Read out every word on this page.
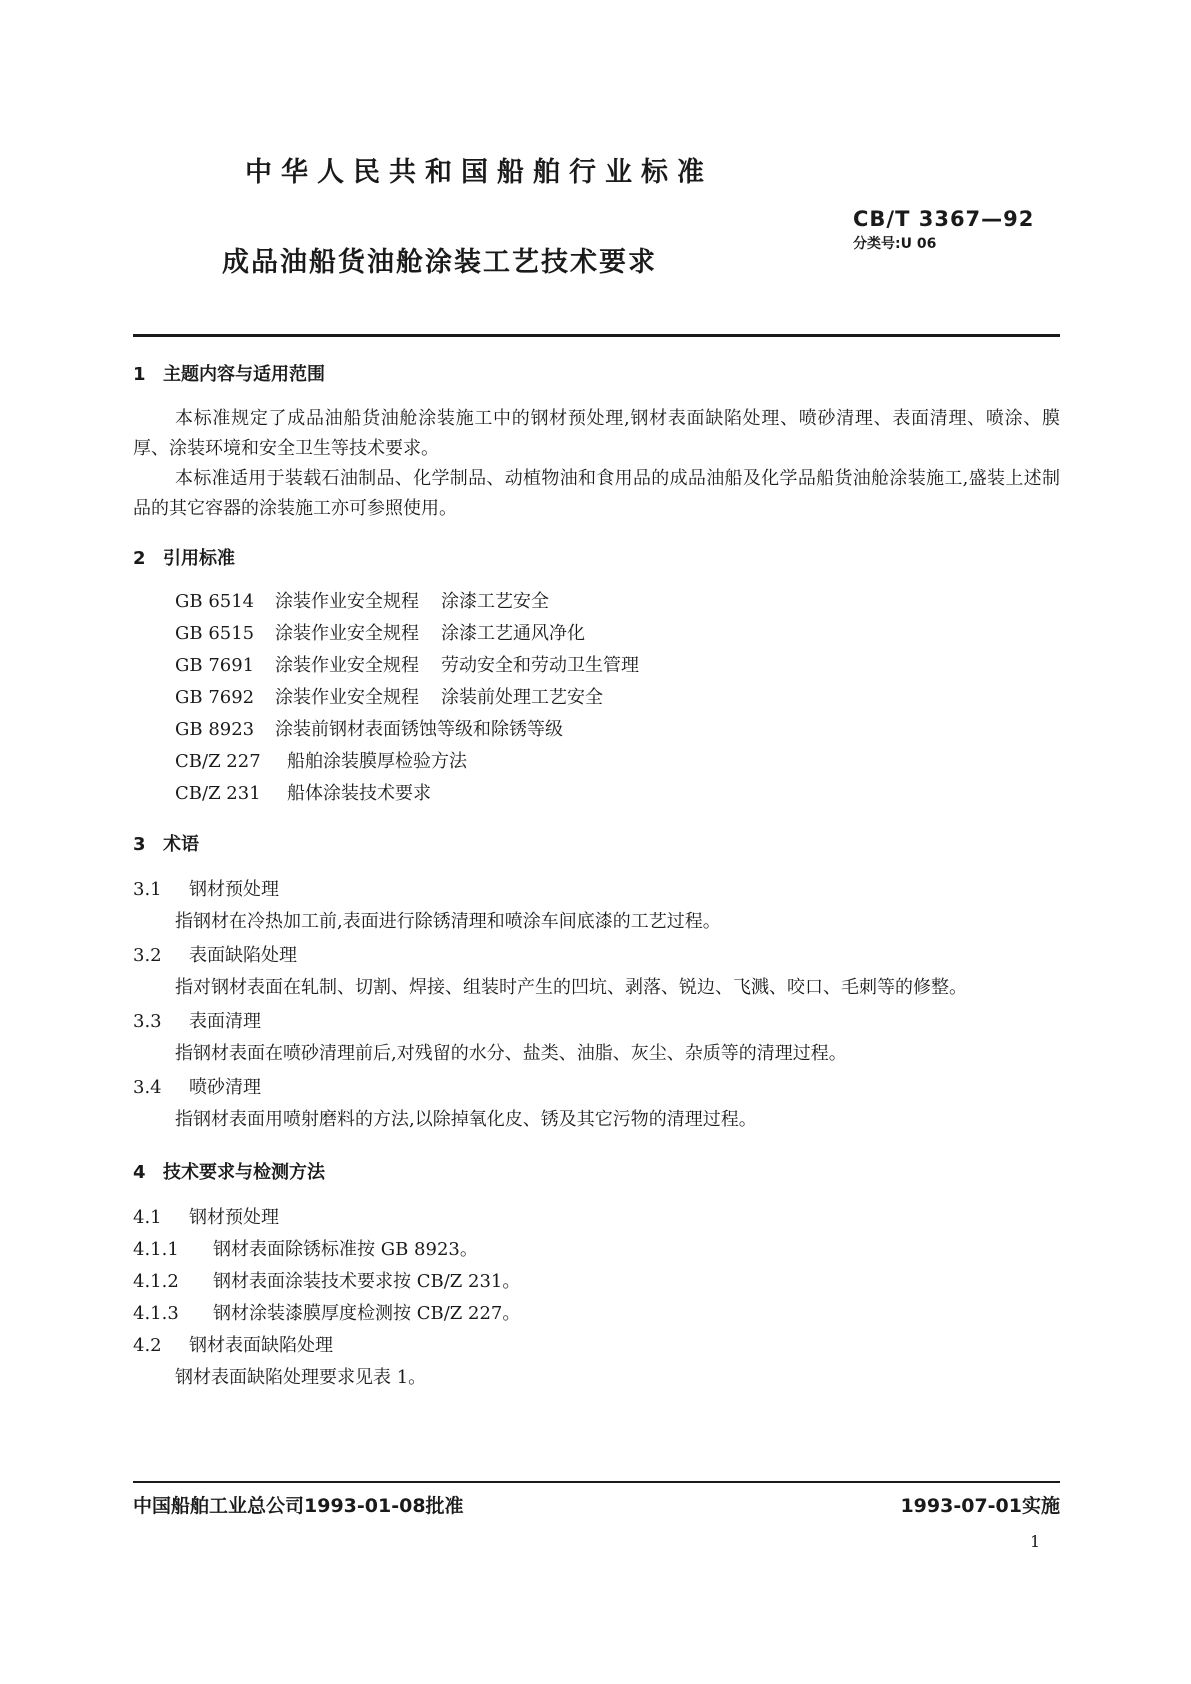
中华人民共和国船舶行业标准
CB/T 3367—92
分类号:U 06
成品油船货油舱涂装工艺技术要求
1 主题内容与适用范围

本标准规定了成品油船货油舱涂装施工中的钢材预处理,钢材表面缺陷处理、喷砂清理、表面清理、喷涂、膜厚、涂装环境和安全卫生等技术要求。

本标准适用于装载石油制品、化学制品、动植物油和食用品的成品油船及化学品船货油舱涂装施工,盛装上述制品的其它容器的涂装施工亦可参照使用。

2 引用标准
GB 6514 涂装作业安全规程 涂漆工艺安全
GB 6515 涂装作业安全规程 涂漆工艺通风净化
GB 7691 涂装作业安全规程 劳动安全和劳动卫生管理
GB 7692 涂装作业安全规程 涂装前处理工艺安全
GB 8923 涂装前钢材表面锈蚀等级和除锈等级
CB/Z 227 船舶涂装膜厚检验方法
CB/Z 231 船体涂装技术要求
3 术语

3.1 钢材预处理

指钢材在冷热加工前,表面进行除锈清理和喷涂车间底漆的工艺过程。

3.2 表面缺陷处理

指对钢材表面在轧制、切割、焊接、组装时产生的凹坑、剥落、锐边、飞溅、咬口、毛刺等的修整。

3.3 表面清理

指钢材表面在喷砂清理前后,对残留的水分、盐类、油脂、灰尘、杂质等的清理过程。

3.4 喷砂清理

指钢材表面用喷射磨料的方法,以除掉氧化皮、锈及其它污物的清理过程。

4 技术要求与检测方法

4.1 钢材预处理

4.1.1 钢材表面除锈标准按 GB 8923。

4.1.2 钢材表面涂装技术要求按 CB/Z 231。

4.1.3 钢材涂装漆膜厚度检测按 CB/Z 227。

4.2 钢材表面缺陷处理

钢材表面缺陷处理要求见表 1。

中国船舶工业总公司1993-01-08批准	1993-07-01实施
1
